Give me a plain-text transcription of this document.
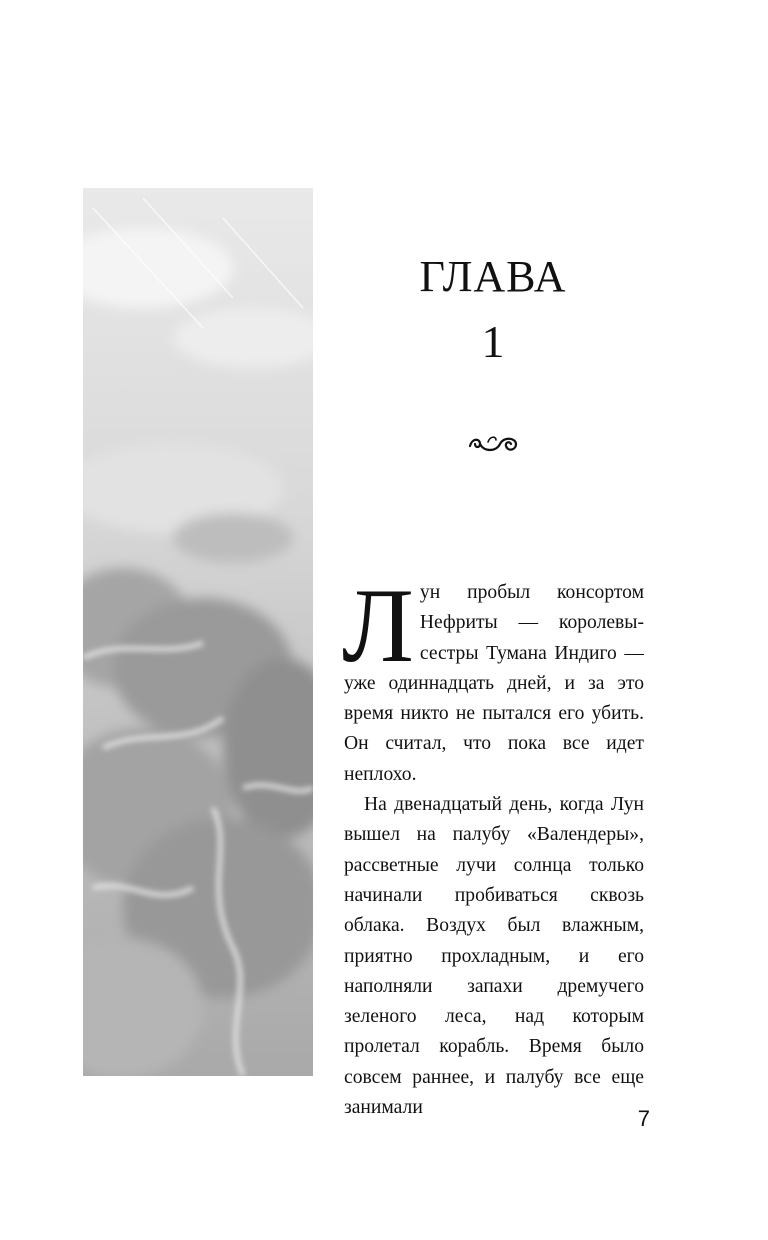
ГЛАВА
1

Лун пробыл консортом Нефриты — королевы-сестры Тумана Индиго — уже одиннадцать дней, и за это время никто не пытался его убить. Он считал, что пока все идет неплохо.

На двенадцатый день, когда Лун вышел на палубу «Валендеры», рассветные лучи солнца только начинали пробиваться сквозь облака. Воздух был влажным, приятно прохладным, и его наполняли запахи дремучего зеленого леса, над которым пролетал корабль. Время было совсем раннее, и палубу все еще занимали	7
